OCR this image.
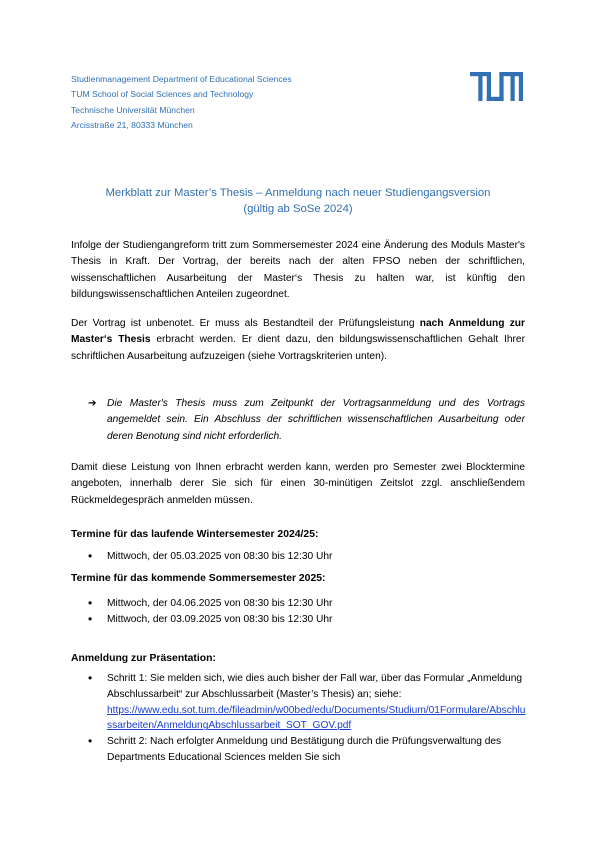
Studienmanagement Department of Educational Sciences
TUM School of Social Sciences and Technology
Technische Universität München
Arcisstraße 21, 80333 München
Merkblatt zur Master’s Thesis – Anmeldung nach neuer Studiengangsversion
(gültig ab SoSe 2024)
Infolge der Studiengangreform tritt zum Sommersemester 2024 eine Änderung des Moduls Master's Thesis in Kraft. Der Vortrag, der bereits nach der alten FPSO neben der schriftlichen, wissenschaftlichen Ausarbeitung der Master‘s Thesis zu halten war, ist künftig den bildungswissenschaftlichen Anteilen zugeordnet.
Der Vortrag ist unbenotet. Er muss als Bestandteil der Prüfungsleistung nach Anmeldung zur Master‘s Thesis erbracht werden. Er dient dazu, den bildungswissenschaftlichen Gehalt Ihrer schriftlichen Ausarbeitung aufzuzeigen (siehe Vortragskriterien unten).
➔ Die Master's Thesis muss zum Zeitpunkt der Vortragsanmeldung und des Vortrags angemeldet sein. Ein Abschluss der schriftlichen wissenschaftlichen Ausarbeitung oder deren Benotung sind nicht erforderlich.
Damit diese Leistung von Ihnen erbracht werden kann, werden pro Semester zwei Blocktermine angeboten, innerhalb derer Sie sich für einen 30-minütigen Zeitslot zzgl. anschließendem Rückmeldegespräch anmelden müssen.
Termine für das laufende Wintersemester 2024/25:
• Mittwoch, der 05.03.2025 von 08:30 bis 12:30 Uhr
Termine für das kommende Sommersemester 2025:
• Mittwoch, der 04.06.2025 von 08:30 bis 12:30 Uhr
• Mittwoch, der 03.09.2025 von 08:30 bis 12:30 Uhr
Anmeldung zur Präsentation:
• Schritt 1: Sie melden sich, wie dies auch bisher der Fall war, über das Formular „Anmeldung Abschlussarbeit“ zur Abschlussarbeit (Master’s Thesis) an; siehe:
https://www.edu.sot.tum.de/fileadmin/w00bed/edu/Documents/Studium/01Formulare/Abschlussarbeiten/AnmeldungAbschlussarbeit_SOT_GOV.pdf
• Schritt 2: Nach erfolgter Anmeldung und Bestätigung durch die Prüfungsverwaltung des Departments Educational Sciences melden Sie sich
